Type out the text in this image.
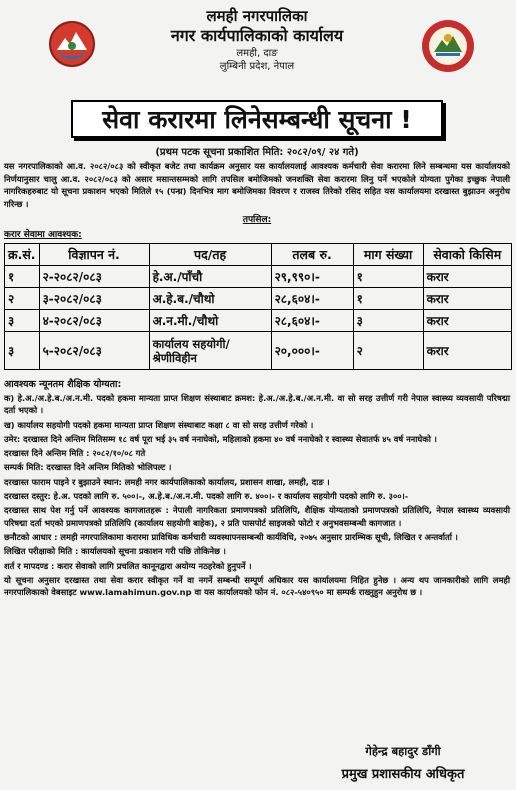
लमही नगरपालिका
नगर कार्यपालिकाको कार्यालय
लमही, दाङ
लुम्बिनी प्रदेश, नेपाल
सेवा करारमा लिनेसम्बन्धी सूचना !
(प्रथम पटक सूचना प्रकाशित मिति: २०८२/०९/ २४ गते)
यस नगरपालिकाको आ.व. २०८२/०८३ को स्वीकृत बजेट तथा कार्यक्रम अनुसार यस कार्यालयलाई आवश्यक कर्मचारी सेवा करारमा लिने सम्बन्धमा यस कार्यालयको निर्णयानुसार चालु आ.व. २०८२/०८३ को असार मसान्तसम्मको लागि तपसिल बमोजिमको जनशक्ति सेवा करारमा लिनु पर्ने भएकोले योग्यता पुगेका इच्छुक नेपाली नागरिकहरुबाट यो सूचना प्रकाशन भएको मितिले १५ (पन्ध्र) दिनभित्र माग बमोजिमका विवरण र राजस्व तिरेको रसिद सहित यस कार्यालयमा दरखास्त बुझाउन अनुरोध गरिन्छ ।
तपसिल:
करार सेवामा आवश्यक:
क्र.सं.	विज्ञापन नं.	पद/तह	तलब रु.	माग संख्या	सेवाको किसिम
१	२-२०८२/०८३	हे.अ./पाँचौ	२९,९९०।-	१	करार
२	३-२०८२/०८३	अ.हे.ब./चौथो	२८,६०४।-	१	करार
३	४-२०८२/०८३	अ.न.मी./चौथो	२८,६०४।-	३	करार
३	५-२०८२/०८३	कार्यालय सहयोगी/
श्रेणीविहीन	२०,०००।-	२	करार
आवश्यक न्यूनतम शैक्षिक योग्यता:
क) हे.अ./अ.हे.ब./अ.न.मी. पदको हकमा मान्यता प्राप्त शिक्षण संस्थाबाट क्रमश: हे.अ./अ.हे.ब./अ.न.मी. वा सो सरह उत्तीर्ण गरी नेपाल स्वास्थ्य व्यवसायी परिषद्मा दर्ता भएको ।
ख) कार्यालय सहयोगी पदको हकमा मान्यता प्राप्त शिक्षण संस्थाबाट कक्षा ८ वा सो सरह उत्तीर्ण गरेको ।
उमेर: दरखास्त दिने अन्तिम मितिसम्म १८ वर्ष पूरा भई ३५ वर्ष ननाघेको, महिलाको हकमा ४० वर्ष ननाघेको र स्वास्थ्य सेवातर्फ ४५ वर्ष ननाघेको ।
दरखास्त दिने अन्तिम मिति : २०८२/१०/०८ गते
सम्पर्क मिति: दरखास्त दिने अन्तिम मितिको भोलिपल्ट ।
दरखास्त फाराम पाइने र बुझाउने स्थान: लमही नगर कार्यपालिकाको कार्यालय, प्रशासन शाखा, लमही, दाङ ।
दरखास्त दस्तुर: हे.अ. पदको लागि रु. ५००।-, अ.हे.ब./अ.न.मी. पदको लागि रु. ४००।- र कार्यालय सहयोगी पदको लागि रु. ३००।-
दरखास्त साथ पेश गर्नु पर्ने आवश्यक कागजातहरू : नेपाली नागरिकता प्रमाणपत्रको प्रतिलिपि, शैक्षिक योग्यताको प्रमाणपत्रको प्रतिलिपि, नेपाल स्वास्थ्य व्यवसायी परिषद्मा दर्ता भएको प्रमाणपत्रको प्रतिलिपि (कार्यालय सहयोगी बाहेक), २ प्रति पासपोर्ट साइजको फोटो र अनुभवसम्बन्धी कागजात ।
छनौटको आधार : लमही नगरपालिकामा करारमा प्राविधिक कर्मचारी व्यवस्थापनसम्बन्धी कार्यविधि, २०७५ अनुसार प्रारम्भिक सूची, लिखित र अन्तर्वार्ता ।
लिखित परीक्षाको मिति : कार्यालयको सूचना प्रकाशन गरी पछि तोकिनेछ ।
शर्त र मापदण्ड : करार सेवाको लागि प्रचलित कानूनद्वारा अयोग्य नठहरेको हुनुपर्ने ।
यो सूचना अनुसार दरखास्त तथा सेवा करार स्वीकृत गर्ने वा नगर्ने सम्बन्धी सम्पूर्ण अधिकार यस कार्यालयमा निहित हुनेछ । अन्य थप जानकारीको लागि लमही नगरपालिकाको वेबसाइट www.lamahimun.gov.np वा यस कार्यालयको फोन नं. ०८२-५४०९५० मा सम्पर्क राख्नुहुन अनुरोध छ ।
गेहेन्द्र बहादुर डाँगी
प्रमुख प्रशासकीय अधिकृत
